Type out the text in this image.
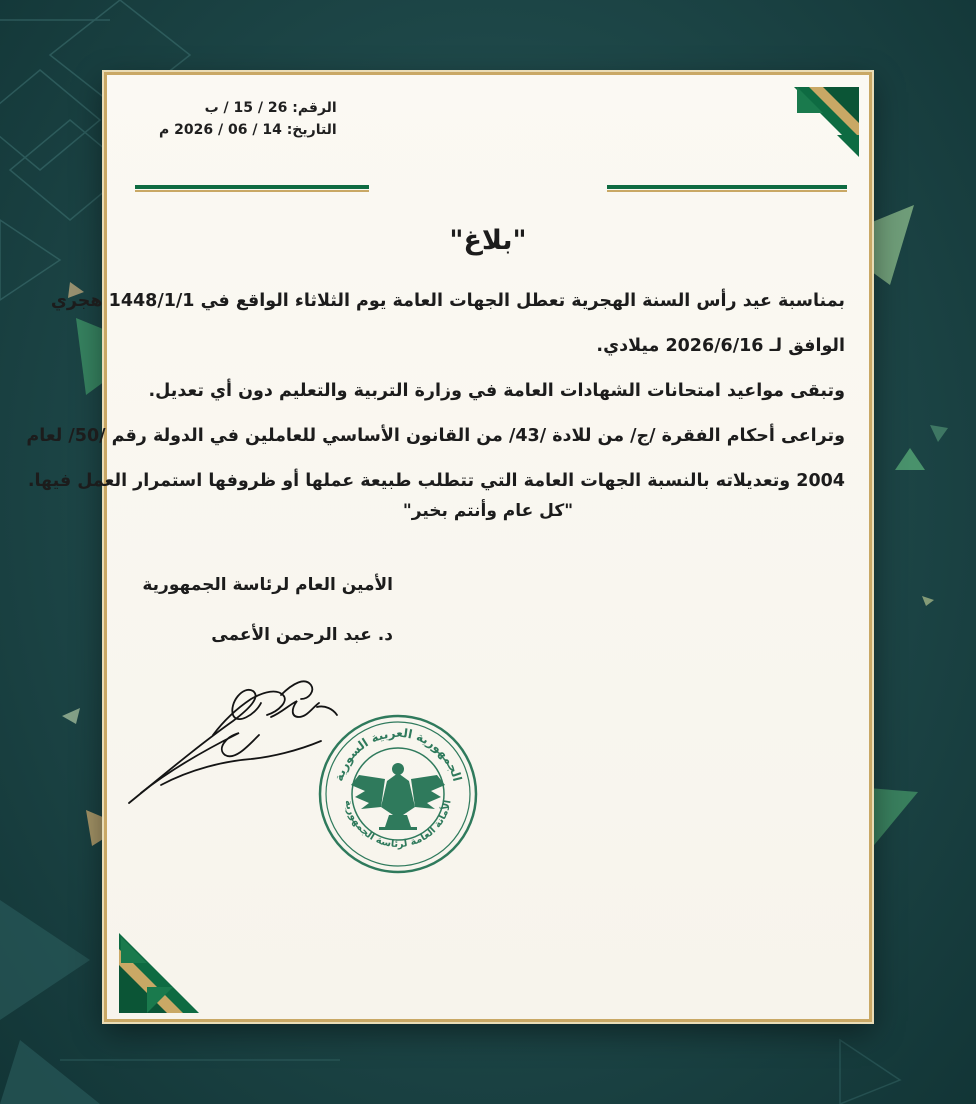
الرقم: 26 / 15 / ب
التاريخ: 14 / 06 / 2026 م
"بلاغ"
بمناسبة عيد رأس السنة الهجرية تعطل الجهات العامة يوم الثلاثاء الواقع في 1448/1/1 هجري
الوافق لـ 2026/6/16 ميلادي.
وتبقى مواعيد امتحانات الشهادات العامة في وزارة التربية والتعليم دون أي تعديل.
وتراعى أحكام الفقرة /ج/ من للادة /43/ من القانون الأساسي للعاملين في الدولة رقم /50/ لعام
2004 وتعديلاته بالنسبة الجهات العامة التي تتطلب طبيعة عملها أو ظروفها استمرار العمل فيها.
"كل عام وأنتم بخير"
الأمين العام لرئاسة الجمهورية
د. عبد الرحمن الأعمى
الجمهورية العربية السورية
الأمانة العامة لرئاسة الجمهورية
